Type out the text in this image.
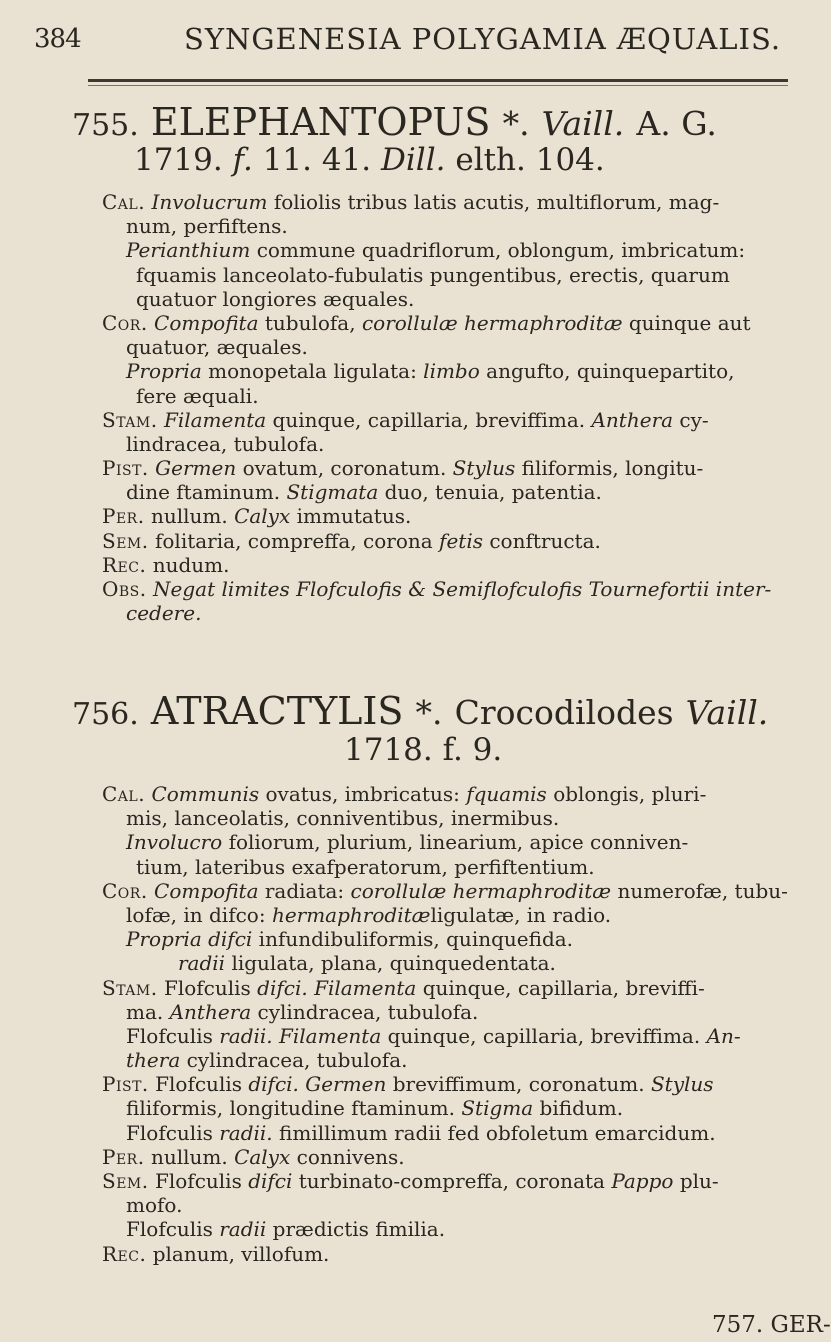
384	SYNGENESIA POLYGAMIA ÆQUALIS.
755. ELEPHANTOPUS *. Vaill. A. G.
1719. f. 11. 41. Dill. elth. 104.
Cal. Involucrum foliolis tribus latis acutis, multiflorum, mag-
num, perfiftens.
Perianthium commune quadriflorum, oblongum, imbricatum:
fquamis lanceolato-fubulatis pungentibus, erectis, quarum
quatuor longiores æquales.
Cor. Compofita tubulofa, corollulæ hermaphroditæ quinque aut
quatuor, æquales.
Propria monopetala ligulata: limbo angufto, quinquepartito,
fere æquali.
Stam. Filamenta quinque, capillaria, breviffima. Anthera cy-
lindracea, tubulofa.
Pist. Germen ovatum, coronatum. Stylus filiformis, longitu-
dine ftaminum. Stigmata duo, tenuia, patentia.
Per. nullum. Calyx immutatus.
Sem. folitaria, compreffa, corona fetis conftructa.
Rec. nudum.
Obs. Negat limites Flofculofis & Semiflofculofis Tournefortii inter-
cedere.
756. ATRACTYLIS *. Crocodilodes Vaill.
1718. f. 9.
Cal. Communis ovatus, imbricatus: fquamis oblongis, pluri-
mis, lanceolatis, conniventibus, inermibus.
Involucro foliorum, plurium, linearium, apice conniven-
tium, lateribus exafperatorum, perfiftentium.
Cor. Compofita radiata: corollulæ hermaphroditæ numerofæ, tubu-
lofæ, in difco: hermaphroditæligulatæ, in radio.
Propria difci infundibuliformis, quinquefida.
radii ligulata, plana, quinquedentata.
Stam. Flofculis difci. Filamenta quinque, capillaria, breviffi-
ma. Anthera cylindracea, tubulofa.
Flofculis radii. Filamenta quinque, capillaria, breviffima. An-
thera cylindracea, tubulofa.
Pist. Flofculis difci. Germen breviffimum, coronatum. Stylus
filiformis, longitudine ftaminum. Stigma bifidum.
Flofculis radii. fimillimum radii fed obfoletum emarcidum.
Per. nullum. Calyx connivens.
Sem. Flofculis difci turbinato-compreffa, coronata Pappo plu-
mofo.
Flofculis radii prædictis fimilia.
Rec. planum, villofum.
757. GER-
